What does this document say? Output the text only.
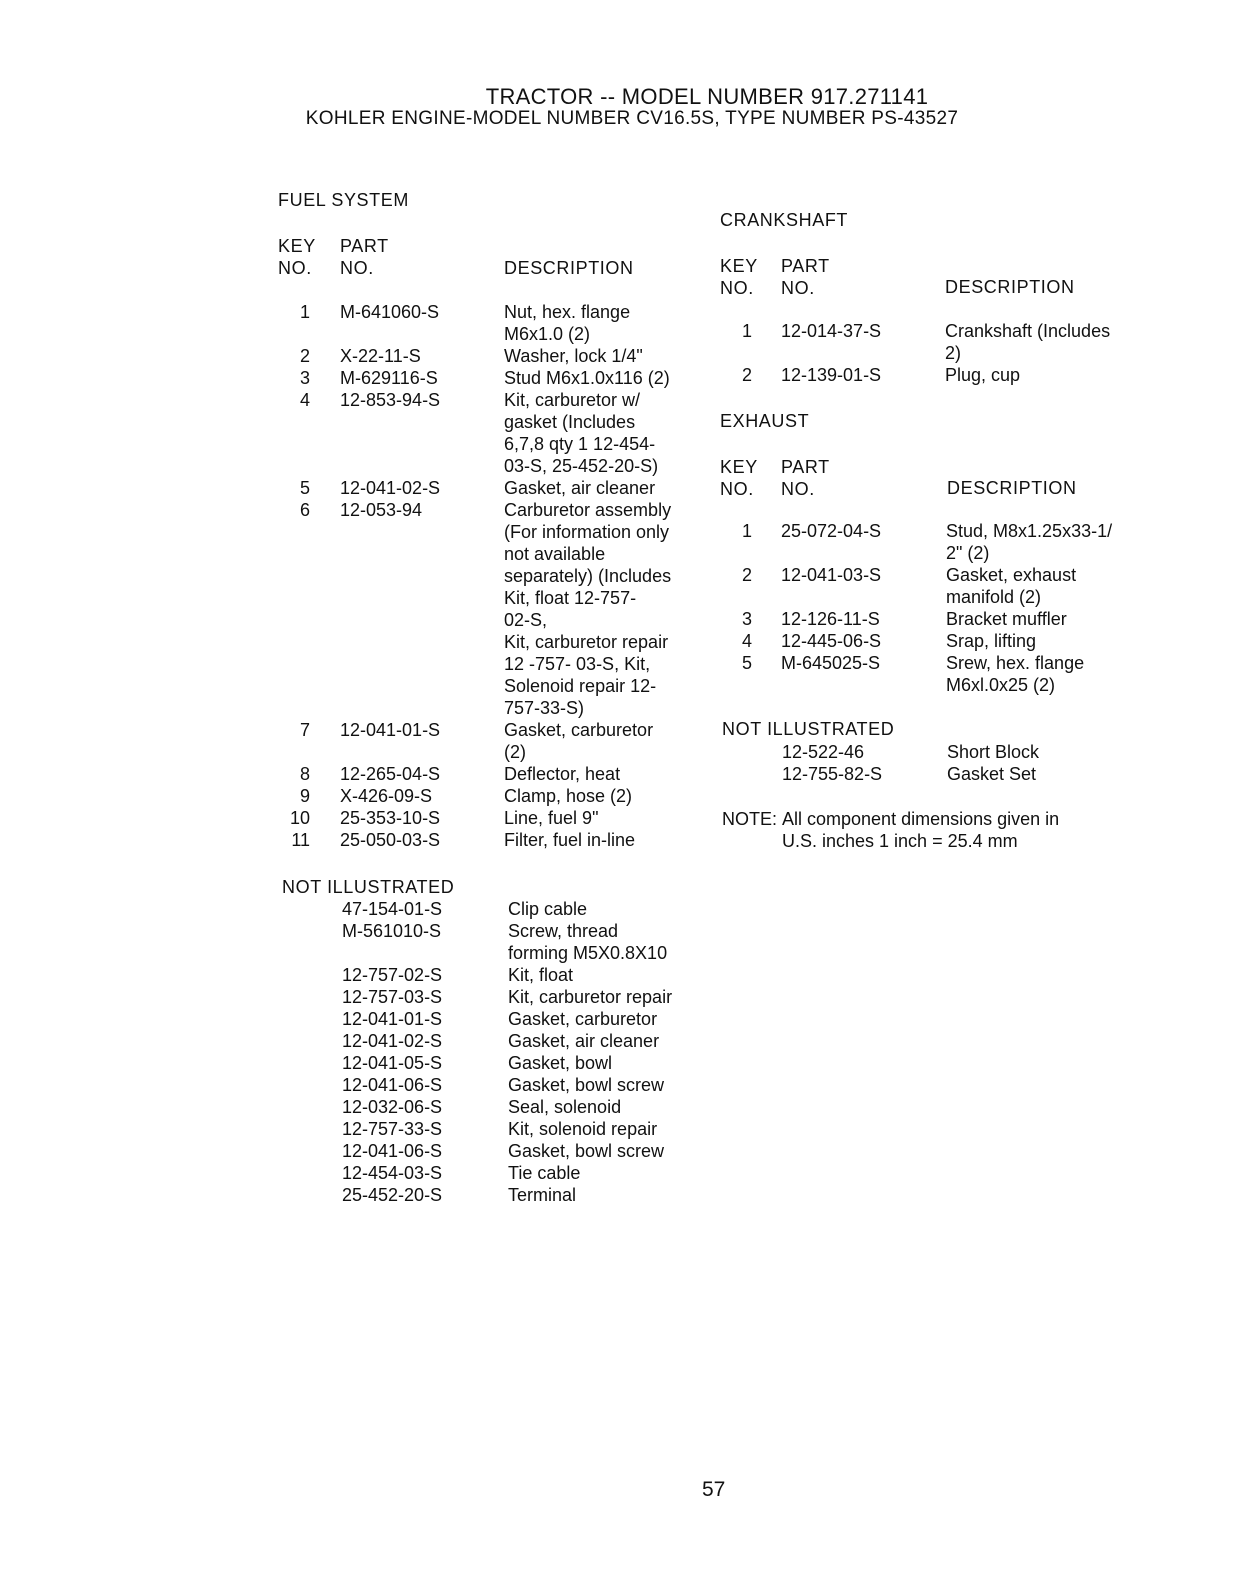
TRACTOR -- MODEL NUMBER 917.271141
KOHLER ENGINE-MODEL NUMBER CV16.5S, TYPE NUMBER PS-43527
FUEL SYSTEM
KEY
NO.
PART
NO.	DESCRIPTION
1 M-641060-S	Nut, hex. flange
M6x1.0 (2)
2 X-22-11-S	Washer, lock 1/4"
3 M-629116-S	Stud M6x1.0x116 (2)
4 12-853-94-S	Kit, carburetor w/
gasket (Includes
6,7,8 qty 1 12-454-
03-S, 25-452-20-S)
5 12-041-02-S	Gasket, air cleaner
6 12-053-94	Carburetor assembly
(For information only
not available
separately) (Includes
Kit, float 12-757-
02-S,
Kit, carburetor repair
12 -757- 03-S, Kit,
Solenoid repair 12-
757-33-S)
7 12-041-01-S	Gasket, carburetor
(2)
8 12-265-04-S	Deflector, heat
9 X-426-09-S	Clamp, hose (2)
10 25-353-10-S	Line, fuel 9"
11 25-050-03-S	Filter, fuel in-line
NOT ILLUSTRATED
47-154-01-S	Clip cable
M-561010-S	Screw, thread
forming M5X0.8X10
12-757-02-S	Kit, float
12-757-03-S	Kit, carburetor repair
12-041-01-S	Gasket, carburetor
12-041-02-S	Gasket, air cleaner
12-041-05-S	Gasket, bowl
12-041-06-S	Gasket, bowl screw
12-032-06-S	Seal, solenoid
12-757-33-S	Kit, solenoid repair
12-041-06-S	Gasket, bowl screw
12-454-03-S	Tie cable
25-452-20-S	Terminal
CRANKSHAFT
KEY
NO.
PART
NO.	DESCRIPTION
1 12-014-37-S	Crankshaft (Includes
2)
2 12-139-01-S	Plug, cup
EXHAUST
KEY
NO.
PART
NO.	DESCRIPTION
1 25-072-04-S	Stud, M8x1.25x33-1/
2" (2)
2 12-041-03-S	Gasket, exhaust
manifold (2)
3 12-126-11-S	Bracket muffler
4 12-445-06-S	Srap, lifting
5 M-645025-S	Srew, hex. flange
M6xl.0x25 (2)
NOT ILLUSTRATED
12-522-46	Short Block
12-755-82-S	Gasket Set
NOTE: All component dimensions given in
U.S. inches 1 inch = 25.4 mm
57
